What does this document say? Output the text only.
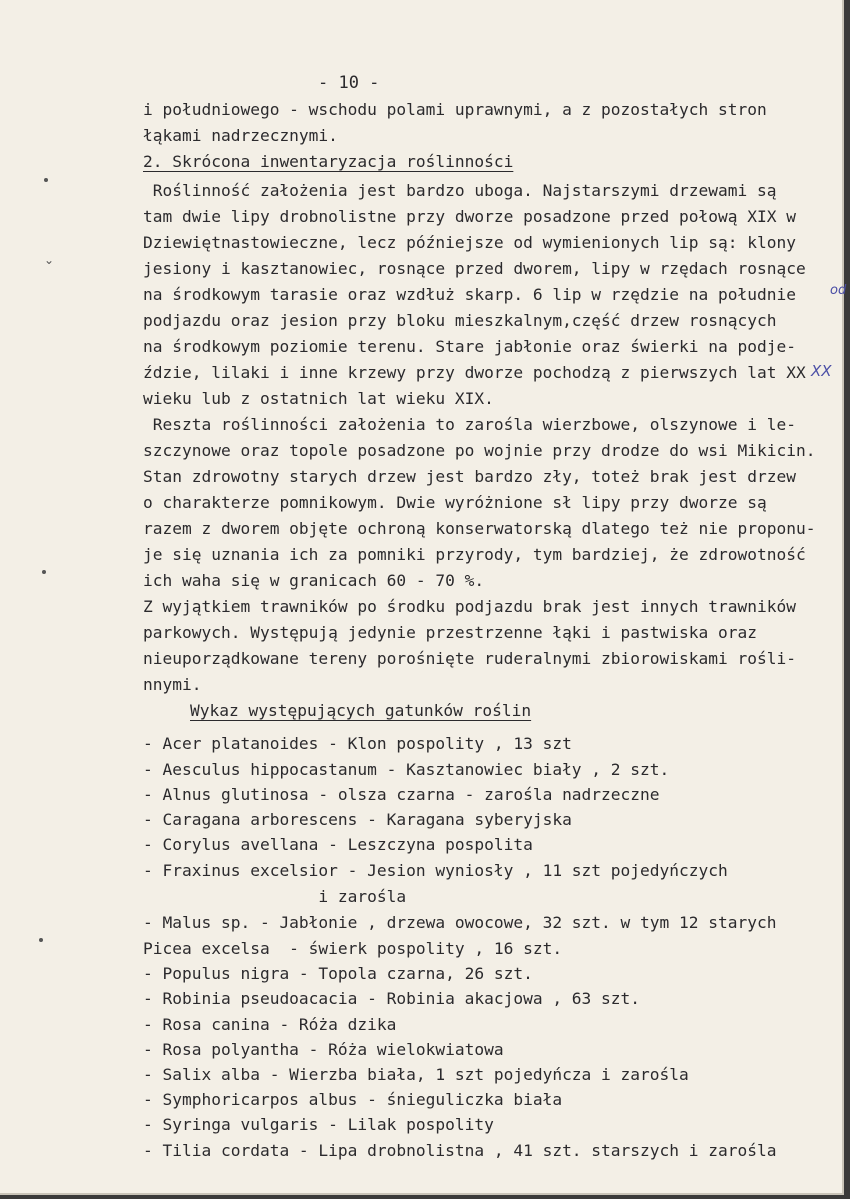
- 10 -
i południowego - wschodu polami uprawnymi, a z pozostałych stron
łąkami nadrzecznymi.
2. Skrócona inwentaryzacja roślinności
Roślinność założenia jest bardzo uboga. Najstarszymi drzewami są
tam dwie lipy drobnolistne przy dworze posadzone przed połową XIX w
Dziewiętnastowieczne, lecz późniejsze od wymienionych lip są: klony
jesiony i kasztanowiec, rosnące przed dworem, lipy w rzędach rosnące
na środkowym tarasie oraz wzdłuż skarp. 6 lip w rzędzie na południe
podjazdu oraz jesion przy bloku mieszkalnym,część drzew rosnących
na środkowym poziomie terenu. Stare jabłonie oraz świerki na podje-
ździe, lilaki i inne krzewy przy dworze pochodzą z pierwszych lat XX
wieku lub z ostatnich lat wieku XIX.
Reszta roślinności założenia to zarośla wierzbowe, olszynowe i le-
szczynowe oraz topole posadzone po wojnie przy drodze do wsi Mikicin.
Stan zdrowotny starych drzew jest bardzo zły, toteż brak jest drzew
o charakterze pomnikowym. Dwie wyróżnione sł lipy przy dworze są
razem z dworem objęte ochroną konserwatorską dlatego też nie proponu-
je się uznania ich za pomniki przyrody, tym bardziej, że zdrowotność
ich waha się w granicach 60 - 70 %.
Z wyjątkiem trawników po środku podjazdu brak jest innych trawników
parkowych. Występują jedynie przestrzenne łąki i pastwiska oraz
nieuporządkowane tereny porośnięte ruderalnymi zbiorowiskami rośli-
nnymi.
Wykaz występujących gatunków roślin
- Acer platanoides - Klon pospolity , 13 szt
- Aesculus hippocastanum - Kasztanowiec biały , 2 szt.
- Alnus glutinosa - olsza czarna - zarośla nadrzeczne
- Caragana arborescens - Karagana syberyjska
- Corylus avellana - Leszczyna pospolita
- Fraxinus excelsior - Jesion wyniosły , 11 szt pojedyńczych
i zarośla
- Malus sp. - Jabłonie , drzewa owocowe, 32 szt. w tym 12 starych
Picea excelsa  - świerk pospolity , 16 szt.
- Populus nigra - Topola czarna, 26 szt.
- Robinia pseudoacacia - Robinia akacjowa , 63 szt.
- Rosa canina - Róża dzika
- Rosa polyantha - Róża wielokwiatowa
- Salix alba - Wierzba biała, 1 szt pojedyńcza i zarośla
- Symphoricarpos albus - śnieguliczka biała
- Syringa vulgaris - Lilak pospolity
- Tilia cordata - Lipa drobnolistna , 41 szt. starszych i zarośla
od
XX
⌄
